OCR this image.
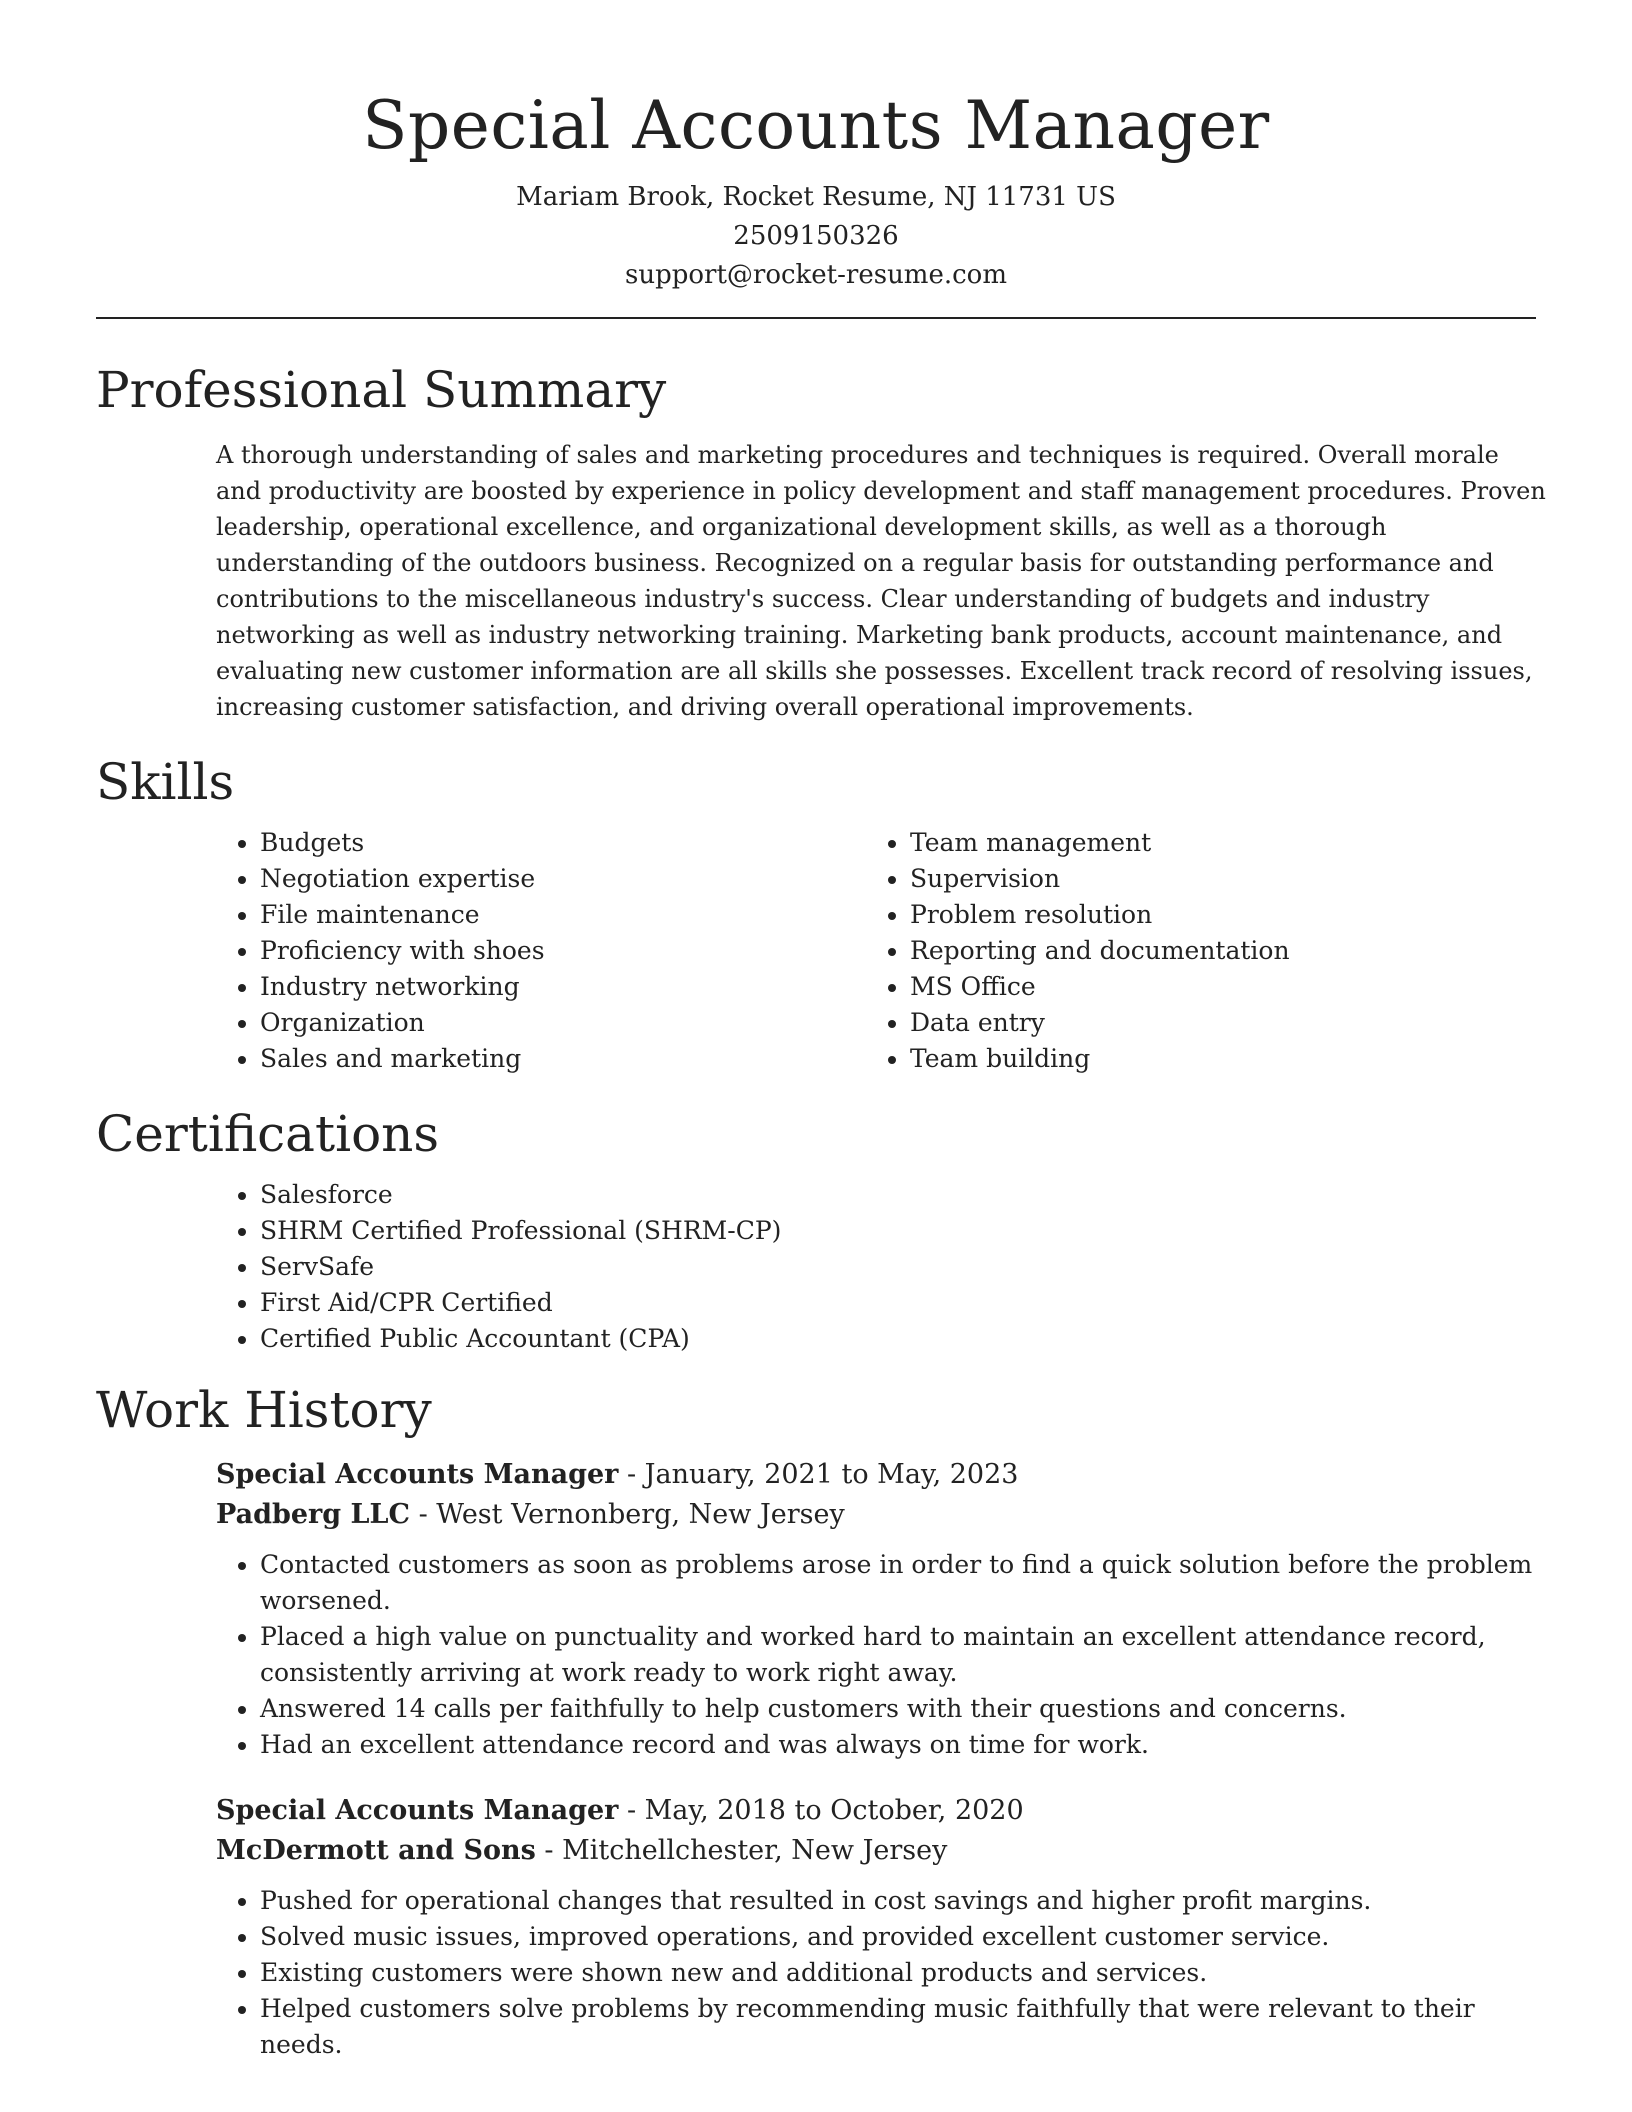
Special Accounts Manager

Mariam Brook, Rocket Resume, NJ 11731 US

2509150326

support@rocket-resume.com

Professional Summary

A thorough understanding of sales and marketing procedures and techniques is required. Overall morale and productivity are boosted by experience in policy development and staff management procedures. Proven leadership, operational excellence, and organizational development skills, as well as a thorough understanding of the outdoors business. Recognized on a regular basis for outstanding performance and contributions to the miscellaneous industry's success. Clear understanding of budgets and industry networking as well as industry networking training. Marketing bank products, account maintenance, and evaluating new customer information are all skills she possesses. Excellent track record of resolving issues, increasing customer satisfaction, and driving overall operational improvements.

Skills
• Budgets
• Negotiation expertise
• File maintenance
• Proficiency with shoes
• Industry networking
• Organization
• Sales and marketing
• Team management
• Supervision
• Problem resolution
• Reporting and documentation
• MS Office
• Data entry
• Team building
Certifications
• Salesforce
• SHRM Certified Professional (SHRM-CP)
• ServSafe
• First Aid/CPR Certified
• Certified Public Accountant (CPA)
Work History

Special Accounts Manager - January, 2021 to May, 2023

Padberg LLC - West Vernonberg, New Jersey

• Contacted customers as soon as problems arose in order to find a quick solution before the problem worsened.
• Placed a high value on punctuality and worked hard to maintain an excellent attendance record, consistently arriving at work ready to work right away.
• Answered 14 calls per faithfully to help customers with their questions and concerns.
• Had an excellent attendance record and was always on time for work.

Special Accounts Manager - May, 2018 to October, 2020

McDermott and Sons - Mitchellchester, New Jersey

• Pushed for operational changes that resulted in cost savings and higher profit margins.
• Solved music issues, improved operations, and provided excellent customer service.
• Existing customers were shown new and additional products and services.
• Helped customers solve problems by recommending music faithfully that were relevant to their needs.
